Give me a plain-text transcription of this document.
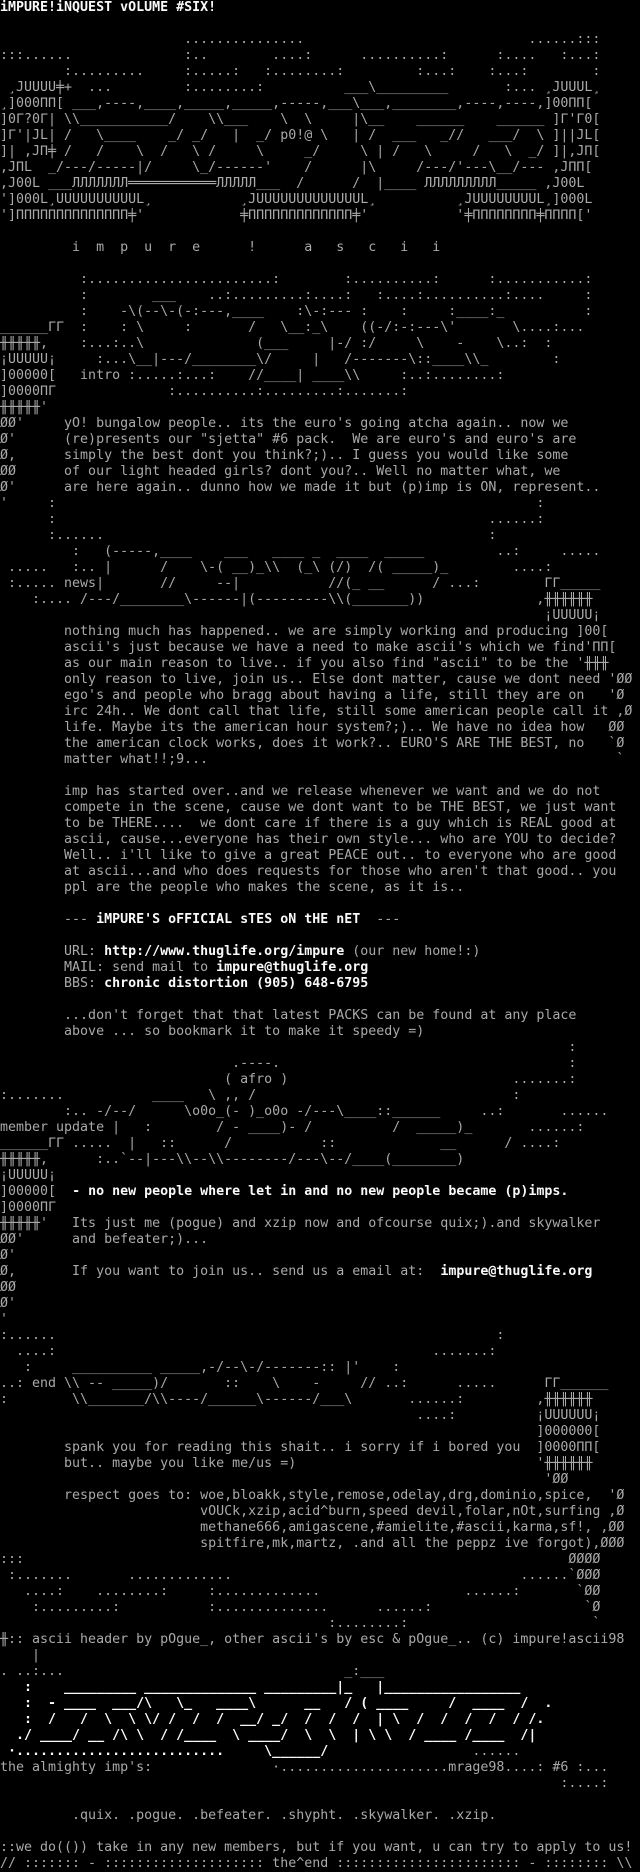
iMPURE!iNQUEST vOLUME #SIX!
...............                            ......:::
:::......              :..        ....:      ..........:      :....   :...:
:.........     :.....:   :........:         :...:    :...:        :
¸JUUUU╪+  ...         :........:          ___\_________       :... ¸JUUUL¸
¸]000ΠΠ[ ___,----,____,_____,_____,-----,___\___,________,----,----,]00ΠΠ[
]0Γ?0Γ| \\___________/    \\___    \  \     |\__    ______    ______ ]Γ'Γ0[
]Γ'|JL| /   \____    _/ _/   |  _/ p0!@ \   | /  ___   _//   ___/  \ ]||JL[
]| ,JΠ╪ /   /    \  /   \ /     \     _/     \ | /   \     /   \  _/ ]|,JΠ[
,JΠL  _/---/-----|/     \_/------'    /      |\     /---/'---\__/--- ,JΠΠ[
,J00L ___ЛЛЛЛЛЛЛ═══════════ЛЛЛЛЛ___  /      /  |____ ЛЛЛЛЛЛЛЛЛ_____ ,J00L
']000L¸UUUUUUUUUUL¸           ¸JUUUUUUUUUUUUUL¸          ¸JUUUUUUUUL¸]000L
']ΠΠΠΠΠΠΠΠΠΠΠΠΠΠ╪'            ╪ΠΠΠΠΠΠΠΠΠΠΠΠΠ╪'           '╪ΠΠΠΠΠΠΠΠ╪ΠΠΠΠ['
i  m  p  u  r  e      !      a   s   c   i   i
:.......................:        :..........:      :...........:
:        ___    ..:.........:....:   :....:..........:....     :
:    -\(--\-(-:---,____    :\-:--- :    :     :____:_          :
______ΓΓ  :    : \     :       /   \__:_\    ((-/:-:---\'       \....:...
╫╫╫╫╫,    :...:..\              (___     |-/ :/     \    -    \..:  :
¡UUUUU¡     :...\__|---/________\/     |   /-------\::____\\_        :
]00000[   intro :.....:...:    //____| ____\\     :..:........:
]0000ΠΓ              :..........:.........:.......:
╫╫╫╫╫'
ØØ'     yO! bungalow people.. its the euro's going atcha again.. now we
Ø'      (re)presents our "sjetta" #6 pack.  We are euro's and euro's are
Ø,      simply the best dont you think?;).. I guess you would like some
ØØ      of our light headed girls? dont you?.. Well no matter what, we
Ø'      are here again.. dunno how we made it but (p)imp is ON, represent..
'     :                                                            :
:                                                      ......:
:......                                                :
:   (-----,____    ___   ____ _  ____  _____         ..:     .....
.....   :.. |      /    \-( __)_\\  (_\ (/)  /( _____)_        ....:
:..... news|       //     --|           //(_ __      / ...:        ΓΓ_____
:.... /---/________\------|(---------\\(_______))              ,╫╫╫╫╫╫
¡UUUUU¡
nothing much has happened.. we are simply working and producing ]00[
ascii's just because we have a need to make ascii's which we find'ΠΠ[
as our main reason to live.. if you also find "ascii" to be the '╫╫╫
only reason to live, join us.. Else dont matter, cause we dont need 'ØØ
ego's and people who bragg about having a life, still they are on   'Ø
irc 24h.. We dont call that life, still some american people call it ,Ø
life. Maybe its the american hour system?;).. We have no idea how   ØØ
the american clock works, does it work?.. EURO'S ARE THE BEST, no   `Ø
matter what!!;9...                                                   `
imp has started over..and we release whenever we want and we do not
compete in the scene, cause we dont want to be THE BEST, we just want
to be THERE....  we dont care if there is a guy which is REAL good at
ascii, cause...everyone has their own style... who are YOU to decide?
Well.. i'll like to give a great PEACE out.. to everyone who are good
at ascii...and who does requests for those who aren't that good.. you
ppl are the people who makes the scene, as it is..
--- iMPURE'S oFFICIAL sTES oN tHE nET  ---
URL: http://www.thuglife.org/impure (our new home!:)
MAIL: send mail to impure@thuglife.org
BBS: chronic distortion (905) 648-6795
...don't forget that that latest PACKS can be found at any place
above ... so bookmark it to make it speedy =)
:
.----.                                    :
( afro )                            .......:
:.......           ____   \ ,, /                                :
:.. -/--/      \o0o_(- )_o0o -/---\____::______     ..:       ......
member update |   :        / - ____)- /          /  _____)_       ......:
______ΓΓ .....  |   ::      /           ::             __      / ....:
╫╫╫╫╫,      :..`--|---\\--\\--------/---\--/____(________)
¡UUUUU¡
]00000[  - no new people where let in and no new people became (p)imps.
]0000ΠΓ
╫╫╫╫╫'   Its just me (pogue) and xzip now and ofcourse quix;).and skywalker
ØØ'      and befeater;)...
Ø'
Ø,       If you want to join us.. send us a email at:  impure@thuglife.org
ØØ
Ø'
'
:......                                                       :
....:                                               .......:
:     __________ _____,-/--\-/-------:: |'    :
..: end \\ -- _____)/       ::    \    -     // ..:      .....      ΓΓ______
:        \\_______/\\----/______\------/___\       ......:         ,╫╫╫╫╫╫
....:          ¡UUUUUU¡
]000000[
spank you for reading this shait.. i sorry if i bored you  ]0000ΠΠ[
but.. maybe you like me/us =)                              '╫╫╫╫╫╫
'ØØ
respect goes to: woe,bloakk,style,remose,odelay,drg,dominio,spice,  'Ø
vOUCk,xzip,acid^burn,speed devil,folar,nOt,surfing ,Ø
methane666,amigascene,#amielite,#ascii,karma,sf!, ,ØØ
spitfire,mk,martz, .and all the peppz ive forgot),ØØØ
:::                                                                    ØØØØ
:.......       .............                                    ......`ØØØ
....:    ........:     :.............                  ......:       `ØØ
:.........:           :..............      ......:                   `Ø
:........:                       `
╫:: ascii header by pOgue_, other ascii's by esc & pOgue_.. (c) impure!ascii98
|
. ..:...                                   _:___
:    _________ ______________ _________|_   |_________________
:  - ____  ___/\   \_   ____\      __   / ( ____     /  ____  /  .
:  /   /  \  \ \/ /  /  /  __/ _/  /  /  /  | \  /  /  /  /  / /.
./ ____/ __ /\ \  / /____  \ ____/  \  \  | \ \  / ____ /____  /|
·..........................     \______/                  ......
the almighty imp's:               ·.....................mrage98....: #6 :...
:....:
.quix. .pogue. .befeater. .shypht. .skywalker. .xzip.
::we do(()) take in any new members, but if you want, u can try to apply to us!
// ::::::: - :::::::::::::::::::: the^end ::::::::::::::::::::::: - :::::::: \\
